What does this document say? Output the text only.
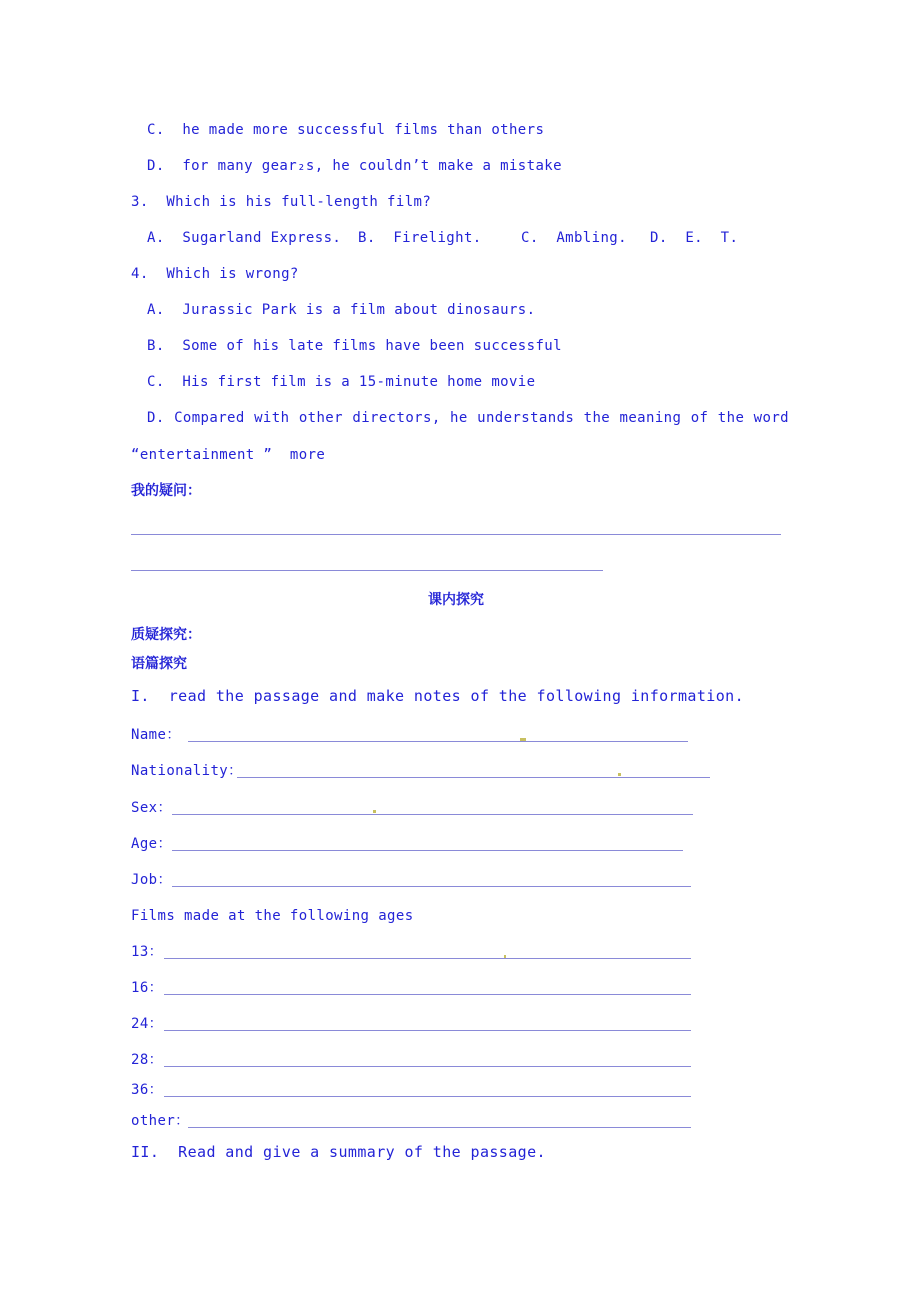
C.  he made more successful films than others
D.  for many gear₂s, he couldn’t make a mistake
3.  Which is his full-length film?
A.  Sugarland Express. B.  Firelight.	C.  Ambling. D.  E.  T.
4.  Which is wrong?
A.  Jurassic Park is a film about dinosaurs.
B.  Some of his late films have been successful
C.  His first film is a 15-minute home movie
D. Compared with other directors, he understands the meaning of the word
“entertainment ”  more
我的疑问：
课内探究
质疑探究：
语篇探究
I.  read the passage and make notes of the following information.
Name：
Nationality：
Sex：
Age：
Job：
Films made at the following ages
13：
16：
24：
28：
36：
other：
II.  Read and give a summary of the passage.
